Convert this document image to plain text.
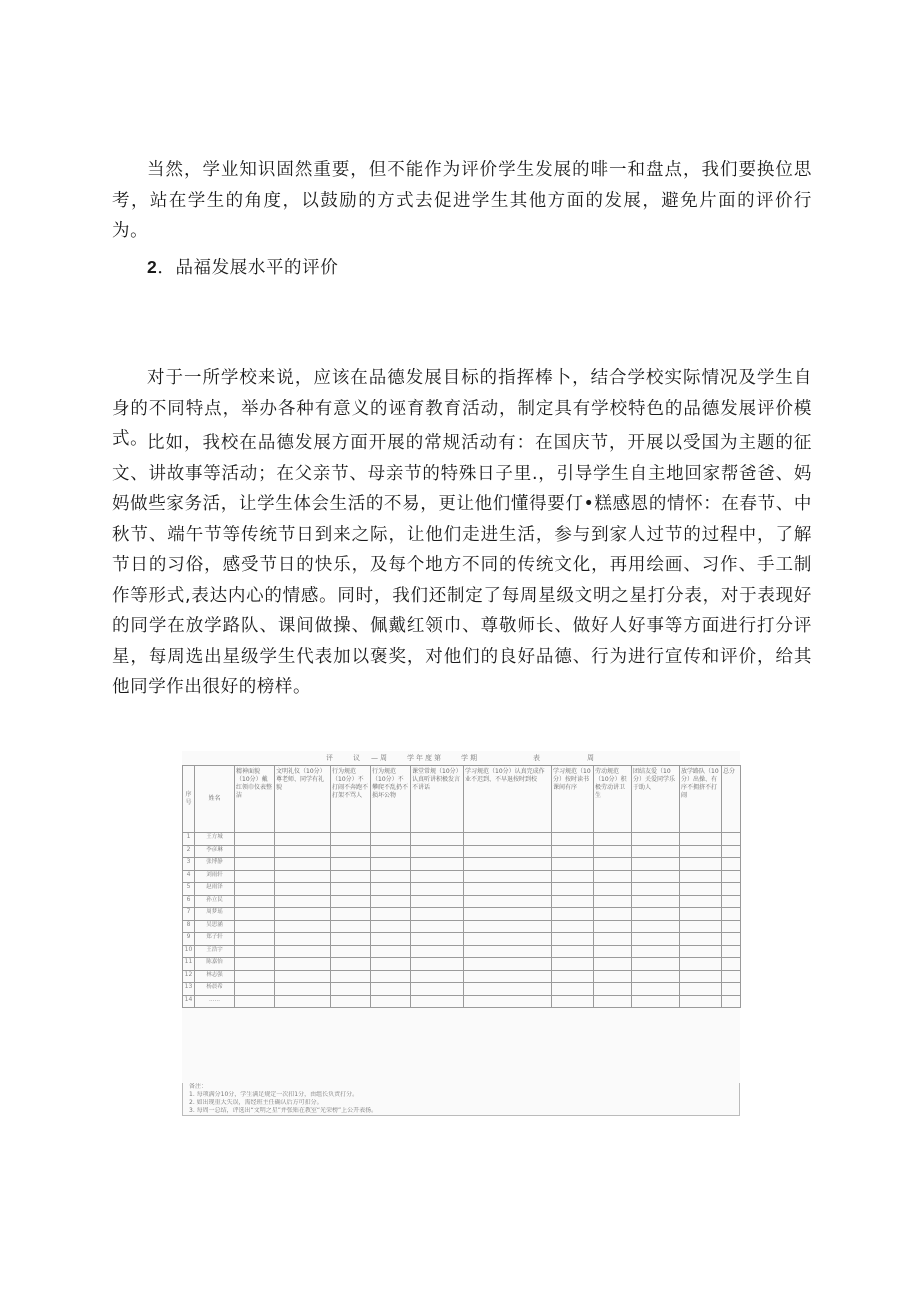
当然，学业知识固然重要，但不能作为评价学生发展的啡一和盘点，我们要换位思考，站在学生的角度，以鼓励的方式去促进学生其他方面的发展，避免片面的评价行为。

2．品福发展水平的评价

对于一所学校来说，应该在品德发展目标的指挥棒卜，结合学校实际情况及学生自身的不同特点，举办各种有意义的诬育教育活动，制定具有学校特色的品德发展评价模式。

比如，我校在品德发展方面开展的常规活动有：在国庆节，开展以受国为主题的征文、讲故事等活动；在父亲节、母亲节的特殊日子里.，引导学生自主地回家帮爸爸、妈妈做些家务活，让学生体会生活的不易，更让他们懂得要仃•糕感恩的情怀：在春节、中秋节、端午节等传统节日到来之际，让他们走进生活，参与到家人过节的过程中，了解节日的习俗，感受节日的快乐，及每个地方不同的传统文化，再用绘画、习作、手工制作等形式,表达内心的情感。同时，我们还制定了每周星级文明之星打分表，对于表现好的同学在放学路队、课间做操、佩戴红领巾、尊敬师长、做好人好事等方面进行打分评星，每周选出星级学生代表加以褒奖，对他们的良好品德、行为进行宣传和评价，给其他同学作出很好的榜样。

评　　议　—周　　学年度第　　学期　　　　　　表　　　　　周
序号	姓名	精神面貌（10分）戴红领巾仪表整洁	文明礼仪（10分）尊老师、同学有礼貌	行为规范（10分）不打闹不奔跑不打架不骂人	行为规范（10分）不攀爬不乱扔不损坏公物	课堂常规（10分）认真听讲积极发言不讲话	学习规范（10分）认真完成作业不迟到、不早退按时到校	学习规范（10分）按时读书课间有序	劳动规范（10分）积极劳动讲卫生	团结友爱（10分）关爱同学乐于助人	放学路队（10分）出操、有序不拥挤不打闹	总分
1	王方城											
2	李彦琳											
3	张博静											
4	刘雨轩											
5	赵雨泽											
6	孙立民											
7	周梦瑶											
8	吴思涵											
9	郑子轩											
10	王浩宇											
11	陈嘉怡											
12	林志强											
13	杨晨希											
14	……											
备注：
1. 每项满分10分，学生满足规定一次扣1分，由组长负责打分。
2. 如出现重大失误，需经班主任确认后方可扣分。
3. 每周一总结，评选出“文明之星”并张贴在教室“光荣榜”上公开表扬。
